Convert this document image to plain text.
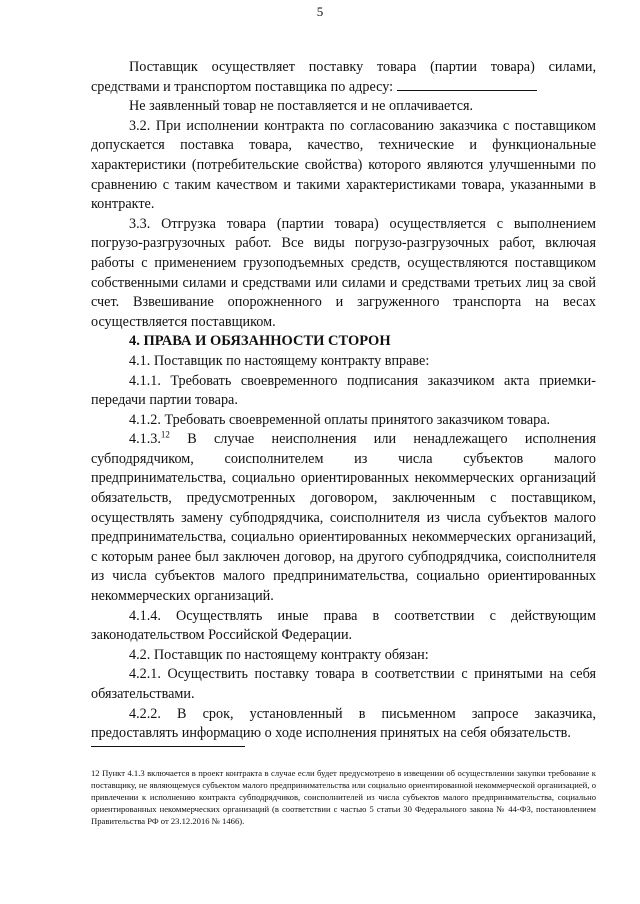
5

Поставщик осуществляет поставку товара (партии товара) силами, средствами и транспортом поставщика по адресу:

Не заявленный товар не поставляется и не оплачивается.

3.2. При исполнении контракта по согласованию заказчика с поставщиком допускается поставка товара, качество, технические и функциональные характеристики (потребительские свойства) которого являются улучшенными по сравнению с таким качеством и такими характеристиками товара, указанными в контракте.

3.3. Отгрузка товара (партии товара) осуществляется с выполнением погрузо-разгрузочных работ. Все виды погрузо-разгрузочных работ, включая работы с применением грузоподъемных средств, осуществляются поставщиком собственными силами и средствами или силами и средствами третьих лиц за свой счет. Взвешивание опорожненного и загруженного транспорта на весах осуществляется поставщиком.

4. ПРАВА И ОБЯЗАННОСТИ СТОРОН

4.1. Поставщик по настоящему контракту вправе:

4.1.1. Требовать своевременного подписания заказчиком акта приемки-передачи партии товара.

4.1.2. Требовать своевременной оплаты принятого заказчиком товара.

4.1.3.12 В случае неисполнения или ненадлежащего исполнения субподрядчиком, соисполнителем из числа субъектов малого предпринимательства, социально ориентированных некоммерческих организаций обязательств, предусмотренных договором, заключенным с поставщиком, осуществлять замену субподрядчика, соисполнителя из числа субъектов малого предпринимательства, социально ориентированных некоммерческих организаций, с которым ранее был заключен договор, на другого субподрядчика, соисполнителя из числа субъектов малого предпринимательства, социально ориентированных некоммерческих организаций.

4.1.4. Осуществлять иные права в соответствии с действующим законодательством Российской Федерации.

4.2. Поставщик по настоящему контракту обязан:

4.2.1. Осуществить поставку товара в соответствии с принятыми на себя обязательствами.

4.2.2. В срок, установленный в письменном запросе заказчика, предоставлять информацию о ходе исполнения принятых на себя обязательств.

12 Пункт 4.1.3 включается в проект контракта в случае если будет предусмотрено в извещении об осуществлении закупки требование к поставщику, не являющемуся субъектом малого предпринимательства или социально ориентированной некоммерческой организацией, о привлечении к исполнению контракта субподрядчиков, соисполнителей из числа субъектов малого предпринимательства, социально ориентированных некоммерческих организаций (в соответствии с частью 5 статьи 30 Федерального закона № 44-ФЗ, постановлением Правительства РФ от 23.12.2016 № 1466).
